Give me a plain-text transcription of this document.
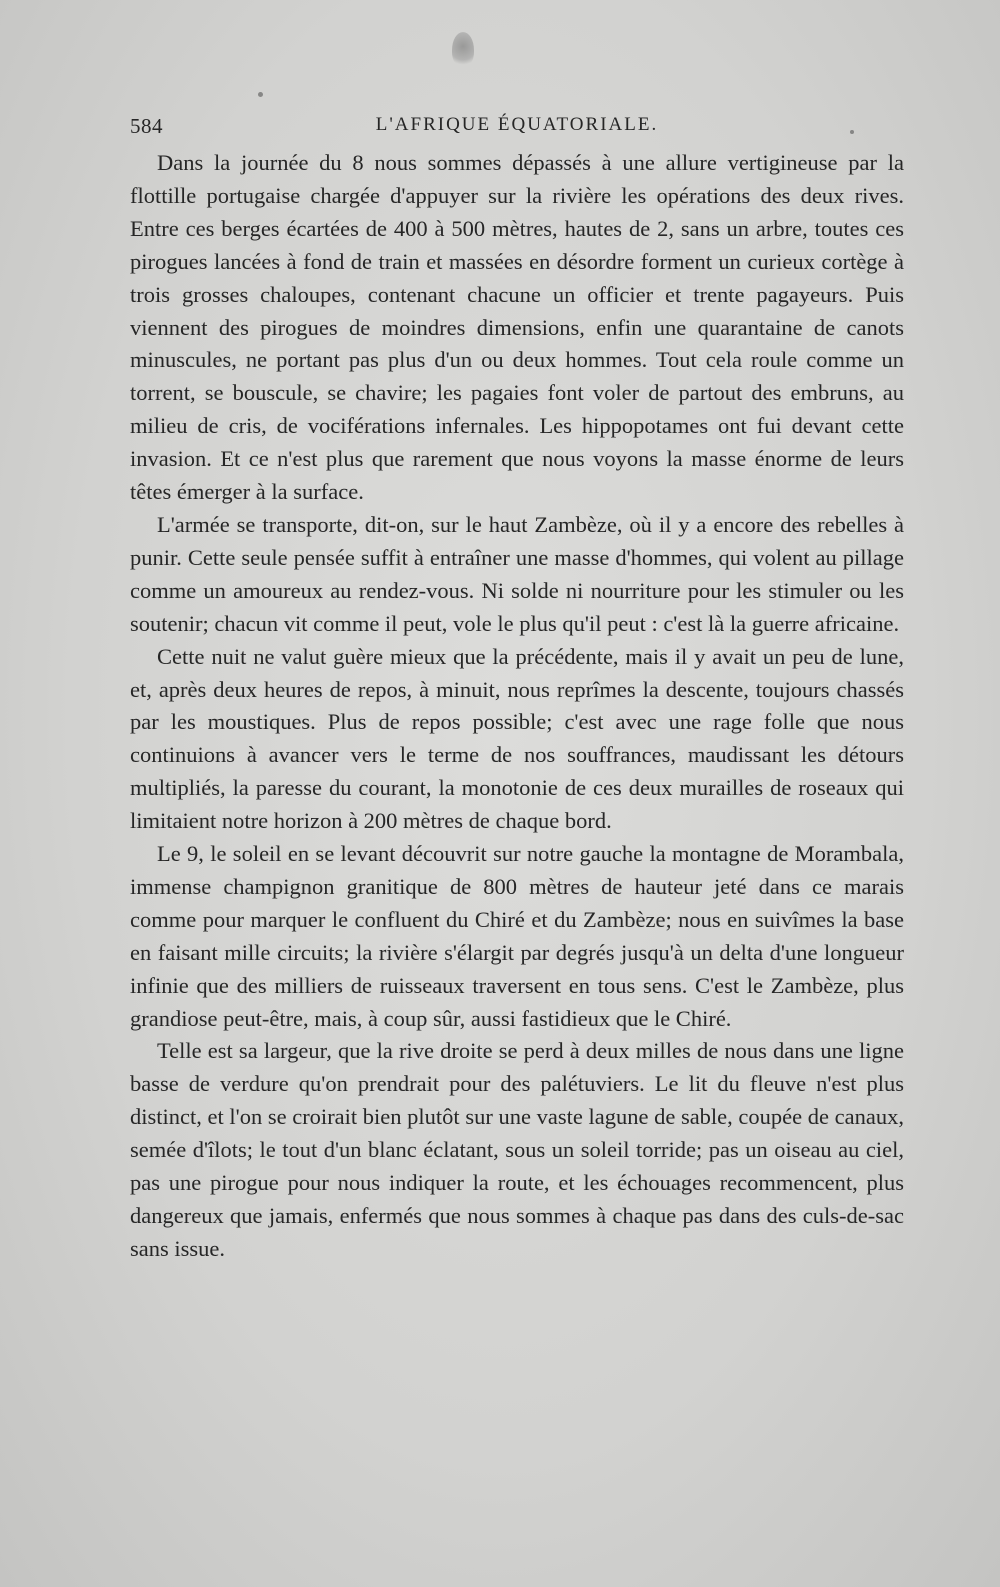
584	L'AFRIQUE ÉQUATORIALE.

Dans la journée du 8 nous sommes dépassés à une allure vertigineuse par la flottille portugaise chargée d'appuyer sur la rivière les opérations des deux rives. Entre ces berges écartées de 400 à 500 mètres, hautes de 2, sans un arbre, toutes ces pirogues lancées à fond de train et massées en désordre forment un curieux cortège à trois grosses chaloupes, contenant chacune un officier et trente pagayeurs. Puis viennent des pirogues de moindres dimensions, enfin une quarantaine de canots minuscules, ne portant pas plus d'un ou deux hommes. Tout cela roule comme un torrent, se bouscule, se chavire; les pagaies font voler de partout des embruns, au milieu de cris, de vociférations infernales. Les hippopotames ont fui devant cette invasion. Et ce n'est plus que rarement que nous voyons la masse énorme de leurs têtes émerger à la surface.

L'armée se transporte, dit-on, sur le haut Zambèze, où il y a encore des rebelles à punir. Cette seule pensée suffit à entraîner une masse d'hommes, qui volent au pillage comme un amoureux au rendez-vous. Ni solde ni nourriture pour les stimuler ou les soutenir; chacun vit comme il peut, vole le plus qu'il peut : c'est là la guerre africaine.

Cette nuit ne valut guère mieux que la précédente, mais il y avait un peu de lune, et, après deux heures de repos, à minuit, nous reprîmes la descente, toujours chassés par les moustiques. Plus de repos possible; c'est avec une rage folle que nous continuions à avancer vers le terme de nos souffrances, maudissant les détours multipliés, la paresse du courant, la monotonie de ces deux murailles de roseaux qui limitaient notre horizon à 200 mètres de chaque bord.

Le 9, le soleil en se levant découvrit sur notre gauche la montagne de Morambala, immense champignon granitique de 800 mètres de hauteur jeté dans ce marais comme pour marquer le confluent du Chiré et du Zambèze; nous en suivîmes la base en faisant mille circuits; la rivière s'élargit par degrés jusqu'à un delta d'une longueur infinie que des milliers de ruisseaux traversent en tous sens. C'est le Zambèze, plus grandiose peut-être, mais, à coup sûr, aussi fastidieux que le Chiré.

Telle est sa largeur, que la rive droite se perd à deux milles de nous dans une ligne basse de verdure qu'on prendrait pour des palétuviers. Le lit du fleuve n'est plus distinct, et l'on se croirait bien plutôt sur une vaste lagune de sable, coupée de canaux, semée d'îlots; le tout d'un blanc éclatant, sous un soleil torride; pas un oiseau au ciel, pas une pirogue pour nous indiquer la route, et les échouages recommencent, plus dangereux que jamais, enfermés que nous sommes à chaque pas dans des culs-de-sac sans issue.
